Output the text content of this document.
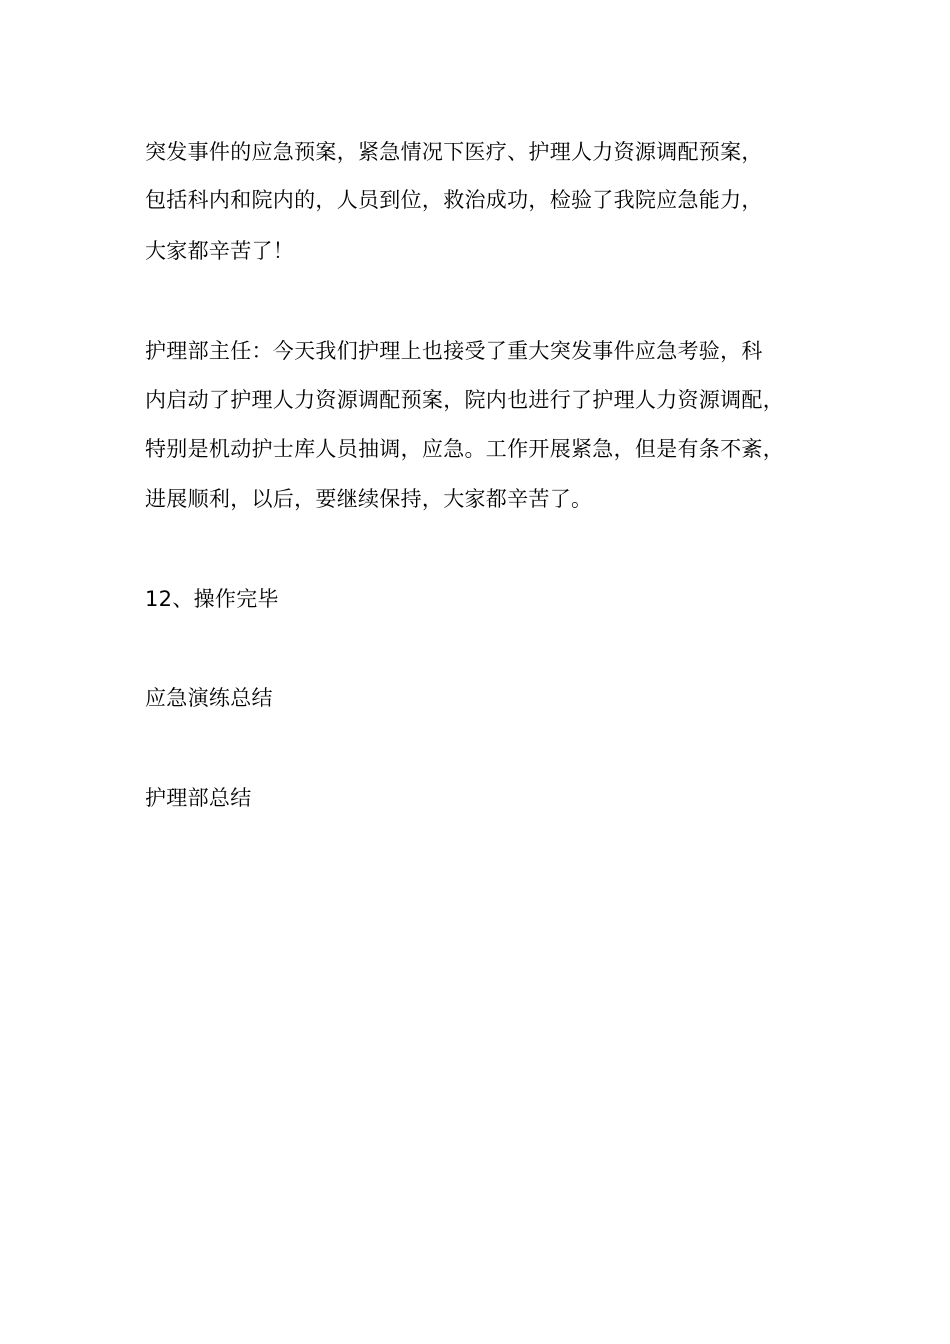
突发事件的应急预案，紧急情况下医疗、护理人力资源调配预案，
包括科内和院内的，人员到位，救治成功，检验了我院应急能力，
大家都辛苦了！
护理部主任：今天我们护理上也接受了重大突发事件应急考验，科
内启动了护理人力资源调配预案，院内也进行了护理人力资源调配，
特别是机动护士库人员抽调，应急。工作开展紧急，但是有条不紊，
进展顺利，以后，要继续保持，大家都辛苦了。
12、操作完毕
应急演练总结
护理部总结
